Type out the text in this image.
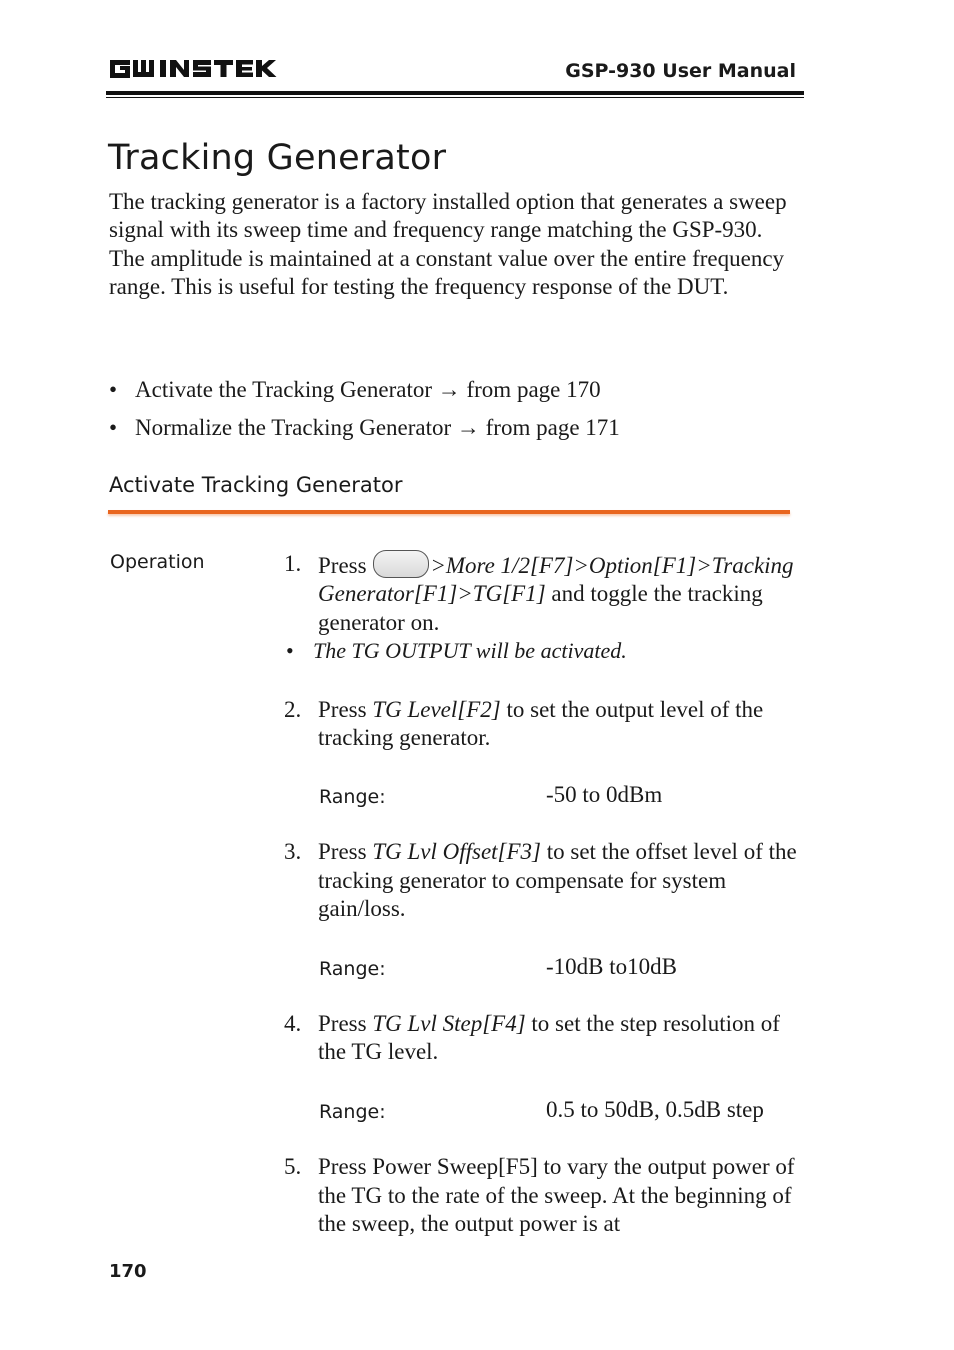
GSP-930 User Manual
Tracking Generator

The tracking generator is a factory installed option that generates a sweep signal with its sweep time and frequency range matching the GSP-930. The amplitude is maintained at a constant value over the entire frequency range. This is useful for testing the frequency response of the DUT.

• Activate the Tracking Generator → from page 170
• Normalize the Tracking Generator → from page 171
Activate Tracking Generator
Operation	1. Press	>More 1/2[F7]>Option[F1]>Tracking Generator[F1]>TG[F1] and toggle the tracking generator on.
• The TG OUTPUT will be activated.
2. Press TG Level[F2] to set the output level of the tracking generator.
Range:	-50 to 0dBm
3. Press TG Lvl Offset[F3] to set the offset level of the tracking generator to compensate for system gain/loss.
Range:	-10dB to10dB
4. Press TG Lvl Step[F4] to set the step resolution of the TG level.
Range:	0.5 to 50dB, 0.5dB step
5. Press Power Sweep[F5] to vary the output power of the TG to the rate of the sweep. At the beginning of the sweep, the output power is at
170
